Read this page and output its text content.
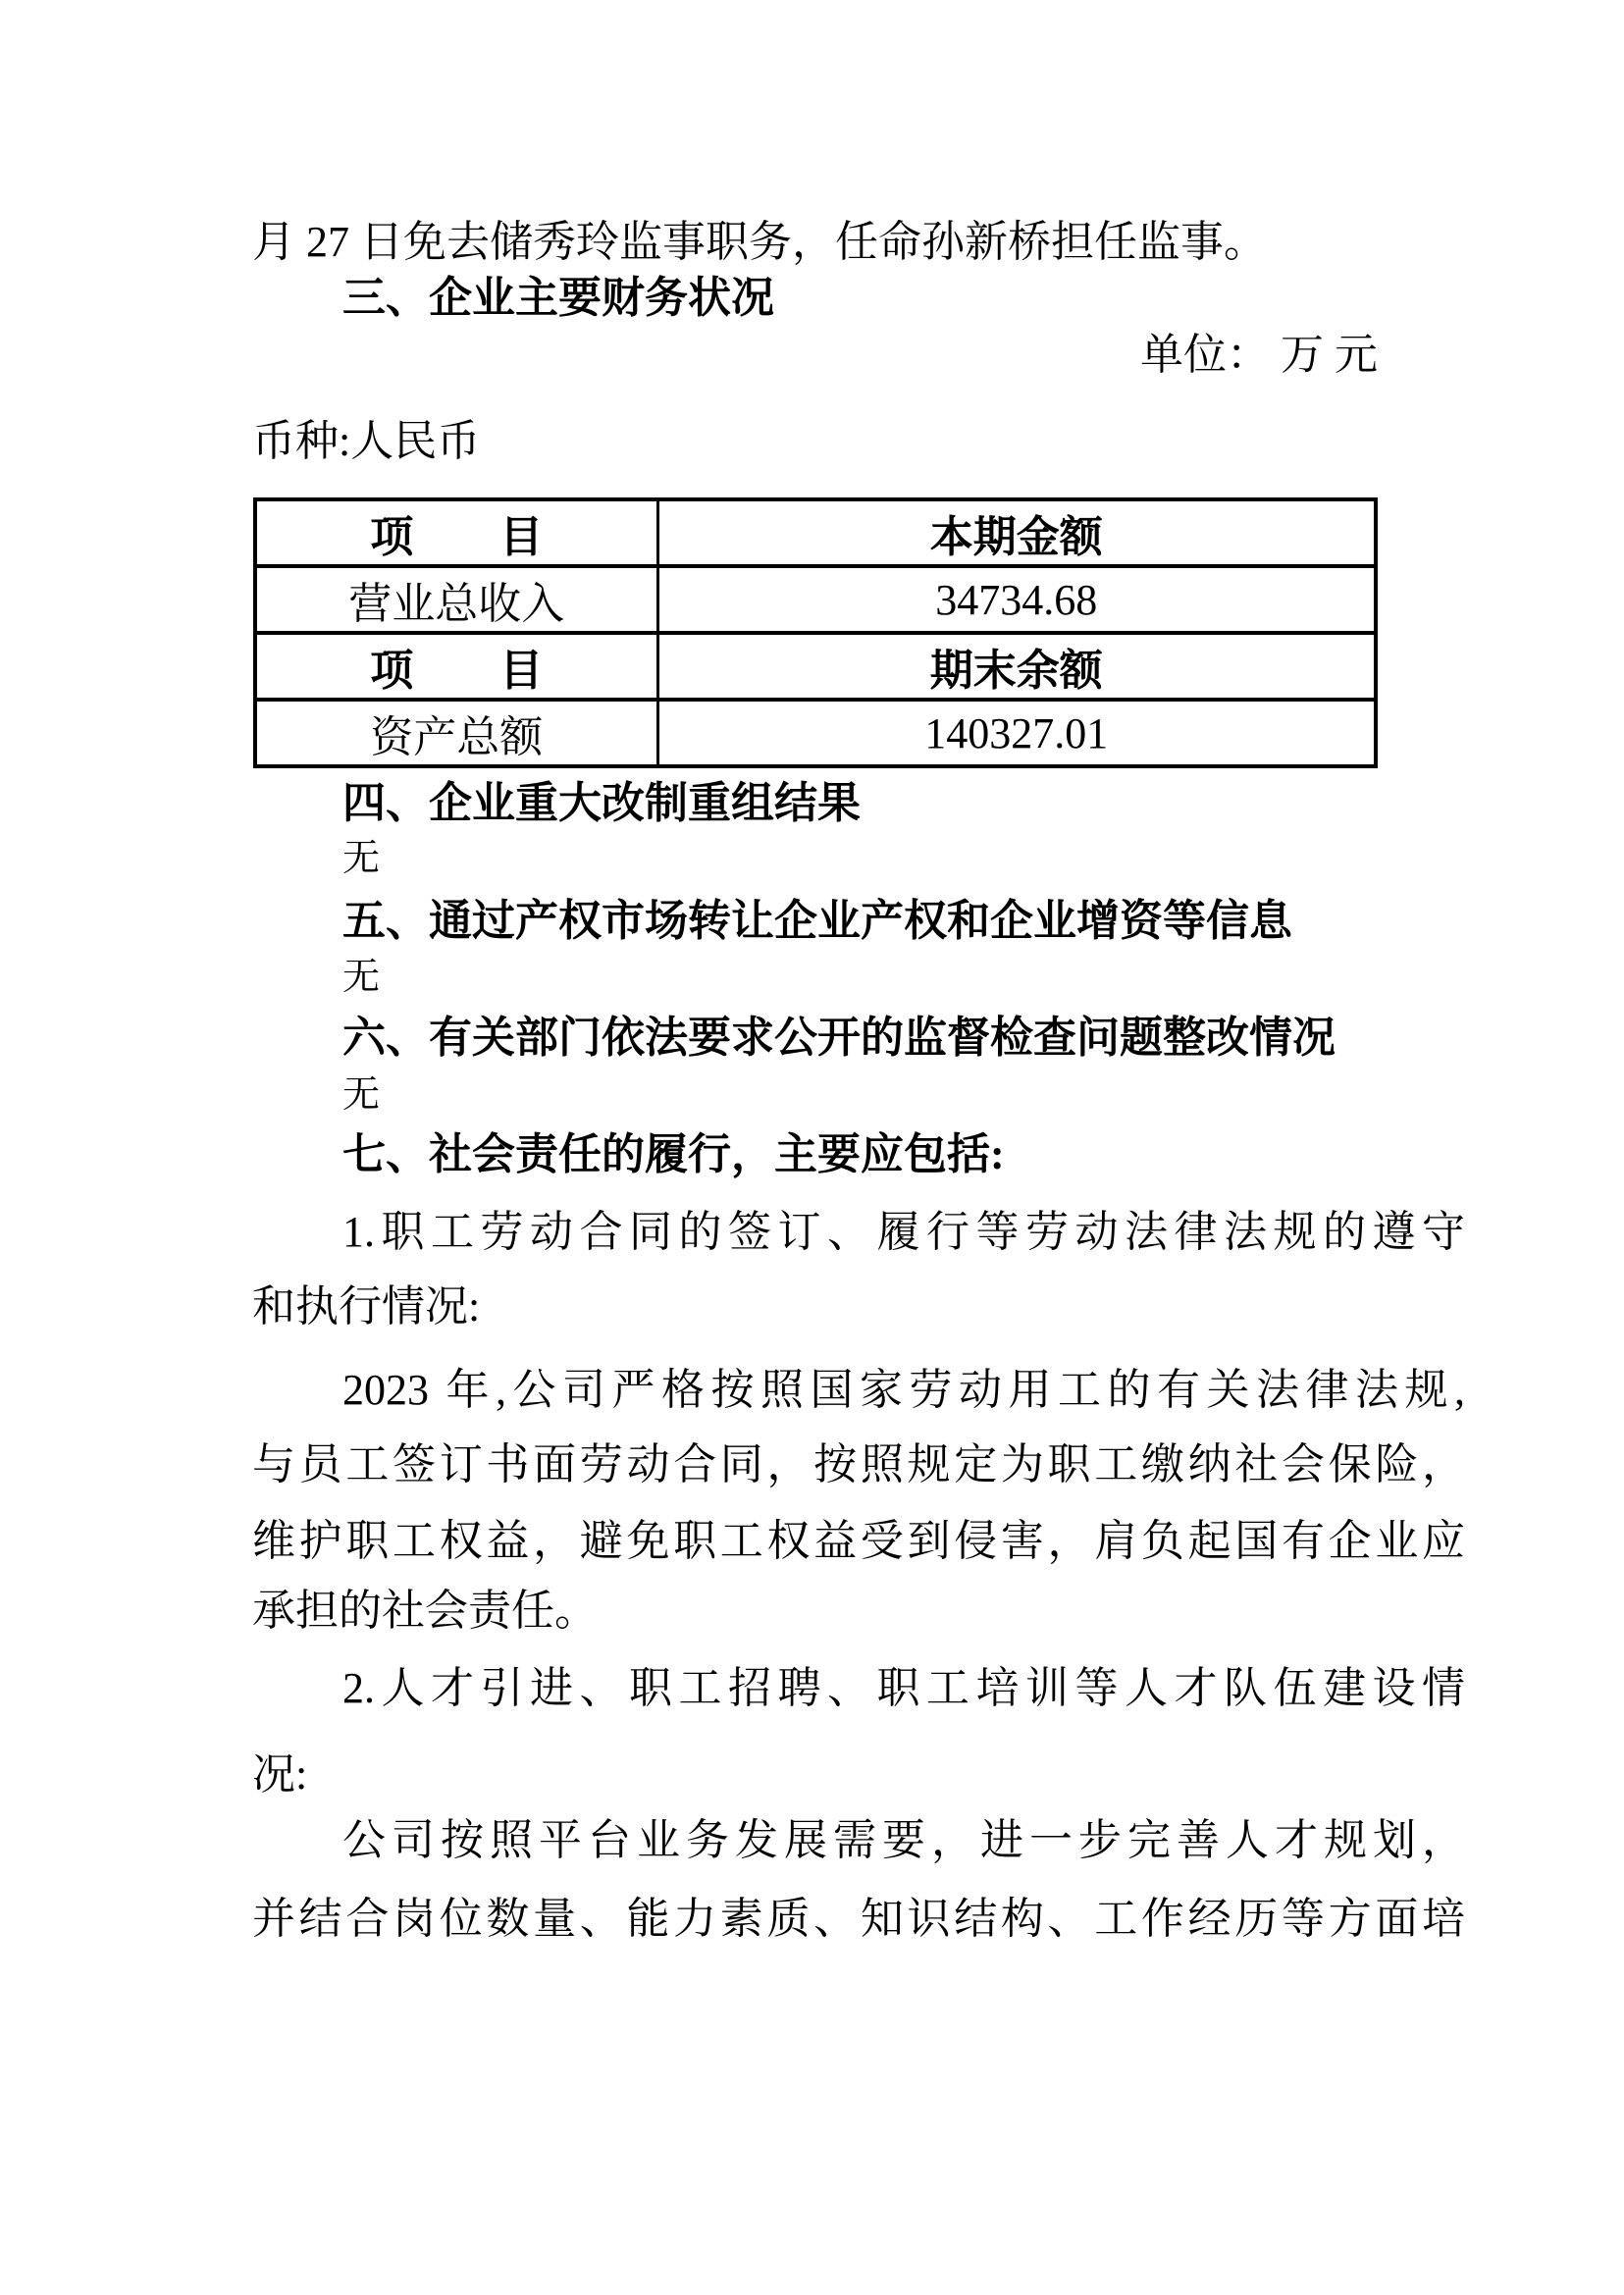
月 27 日免去储秀玲监事职务，任命孙新桥担任监事。
三、企业主要财务状况
单位： 万 元
币种:人民币
项　　目	本期金额
营业总收入	34734.68
项　　目	期末余额
资产总额	140327.01
四、企业重大改制重组结果
无
五、通过产权市场转让企业产权和企业增资等信息
无
六、有关部门依法要求公开的监督检查问题整改情况
无
七、社会责任的履行，主要应包括:
1.职工劳动合同的签订、履行等劳动法律法规的遵守
和执行情况:
2023 年,公司严格按照国家劳动用工的有关法律法规,
与员工签订书面劳动合同，按照规定为职工缴纳社会保险，
维护职工权益，避免职工权益受到侵害，肩负起国有企业应
承担的社会责任。
2.人才引进、职工招聘、职工培训等人才队伍建设情
况:
公司按照平台业务发展需要，进一步完善人才规划，
并结合岗位数量、能力素质、知识结构、工作经历等方面培
